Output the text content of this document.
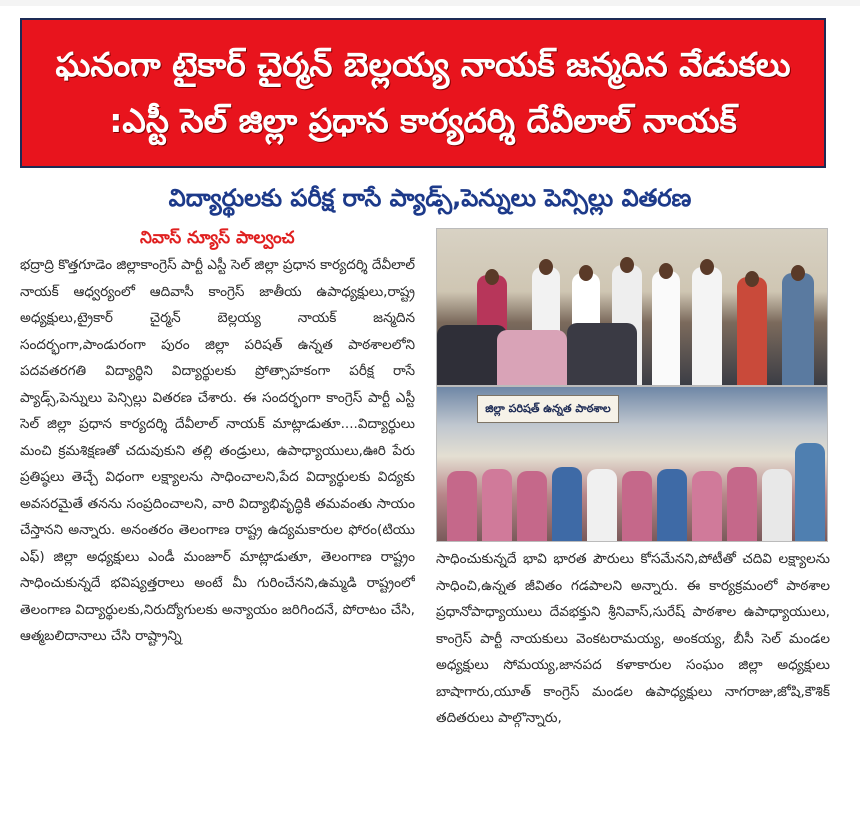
ఘనంగా టైకార్ చైర్మన్ బెల్లయ్య నాయక్ జన్మదిన వేడుకలు
:ఎస్టీ సెల్ జిల్లా ప్రధాన కార్యదర్శి దేవీలాల్ నాయక్
విద్యార్థులకు పరీక్ష రాసే ప్యాడ్స్,పెన్నులు పెన్సిల్లు వితరణ
నివాస్ న్యూస్ పాల్వంచ
భద్రాద్రి కొత్తగూడెం జిల్లాకాంగ్రెస్ పార్టీ ఎస్టీ సెల్ జిల్లా ప్రధాన కార్యదర్శి దేవీలాల్ నాయక్ ఆధ్వర్యంలో ఆదివాసీ కాంగ్రెస్ జాతీయ ఉపాధ్యక్షులు,రాష్ట్ర అధ్యక్షులు,ట్రైకార్ చైర్మన్ బెల్లయ్య నాయక్ జన్మదిన సందర్భంగా,పాండురంగా పురం జిల్లా పరిషత్ ఉన్నత పాఠశాలలోని పదవతరగతి విద్యార్థిని విద్యార్థులకు ప్రోత్సాహకంగా పరీక్ష రాసే ప్యాడ్స్,పెన్నులు పెన్సిల్లు వితరణ చేశారు. ఈ సందర్భంగా కాంగ్రెస్ పార్టీ ఎస్టీ సెల్ జిల్లా ప్రధాన కార్యదర్శి దేవీలాల్ నాయక్ మాట్లాడుతూ....విద్యార్థులు మంచి క్రమశిక్షణతో చదువుకుని తల్లి తండ్రులు, ఉపాధ్యాయులు,ఊరి పేరు ప్రతిష్ఠలు తెచ్చే విధంగా లక్ష్యాలను సాధించాలని,పేద విద్యార్థులకు విద్యకు అవసరమైతే తనను సంప్రదించాలని, వారి విద్యాభివృద్ధికి తమవంతు సాయం చేస్తానని అన్నారు. అనంతరం తెలంగాణ రాష్ట్ర ఉద్యమకారుల ఫోరం(టియు ఎఫ్) జిల్లా అధ్యక్షులు ఎండీ మంజూర్ మాట్లాడుతూ, తెలంగాణ రాష్ట్రం సాధించుకున్నదే భవిష్యత్తరాలు అంటే మీ గురించేనని,ఉమ్మడి రాష్ట్రంలో తెలంగాణ విద్యార్థులకు,నిరుద్యోగులకు అన్యాయం జరిగిందనే, పోరాటం చేసి, ఆత్మబలిదానాలు చేసి రాష్ట్రాన్ని
జిల్లా పరిషత్ ఉన్నత పాఠశాల
సాధించుకున్నదే భావి భారత పౌరులు కోసమేనని,పోటీతో చదివి లక్ష్యాలను సాధించి,ఉన్నత జీవితం గడపాలని అన్నారు. ఈ కార్యక్రమంలో పాఠశాల ప్రధానోపాధ్యాయులు దేవభక్తుని శ్రీనివాస్,సురేష్ పాఠశాల ఉపాధ్యాయులు, కాంగ్రెస్ పార్టీ నాయకులు వెంకటరామయ్య, అంకయ్య, బీసీ సెల్ మండల అధ్యక్షులు సోమయ్య,జానపద కళాకారుల సంఘం జిల్లా అధ్యక్షులు బాషాగారు,యూత్ కాంగ్రెస్ మండల ఉపాధ్యక్షులు నాగరాజు,జోషి,కౌశిక్ తదితరులు పాల్గొన్నారు,
